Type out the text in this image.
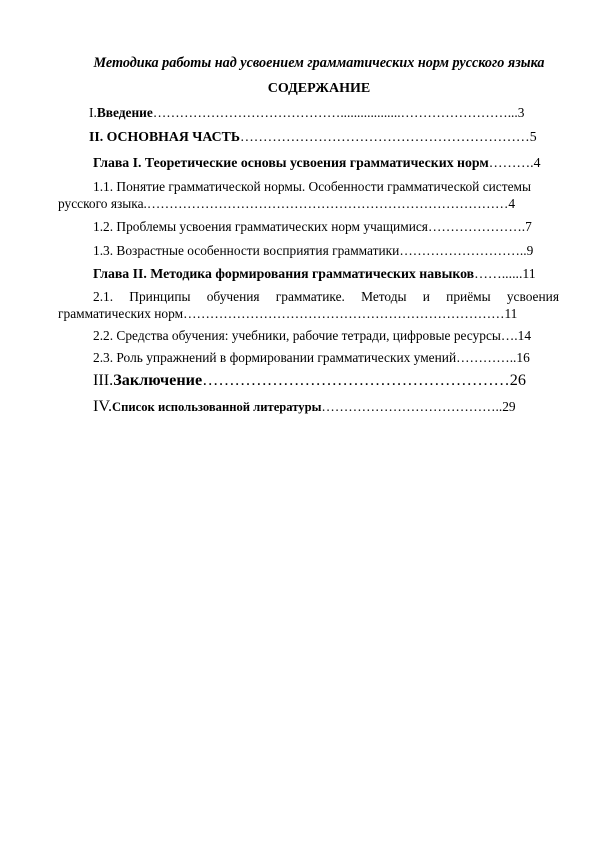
Методика работы над усвоением грамматических норм русского языка
СОДЕРЖАНИЕ
I.Введение……………………………………..................……………………...3
II. ОСНОВНАЯ ЧАСТЬ………………………………………………………5
Глава I. Теоретические основы усвоения грамматических норм……….4
1.1. Понятие грамматической нормы. Особенности грамматической системы
русского языка.………………………………………………………………………4
1.2. Проблемы усвоения грамматических норм учащимися………………….7
1.3. Возрастные особенности восприятия грамматики………………………..9
Глава II. Методика формирования грамматических навыков……......11
2.1. Принципы обучения грамматике. Методы и приёмы усвоения
грамматических норм………………………………………………………………11
2.2. Средства обучения: учебники, рабочие тетради, цифровые ресурсы….14
2.3. Роль упражнений в формировании грамматических умений…………..16
III.Заключение…………………………………………………26
IV.Список использованной литературы…………………………………..29
